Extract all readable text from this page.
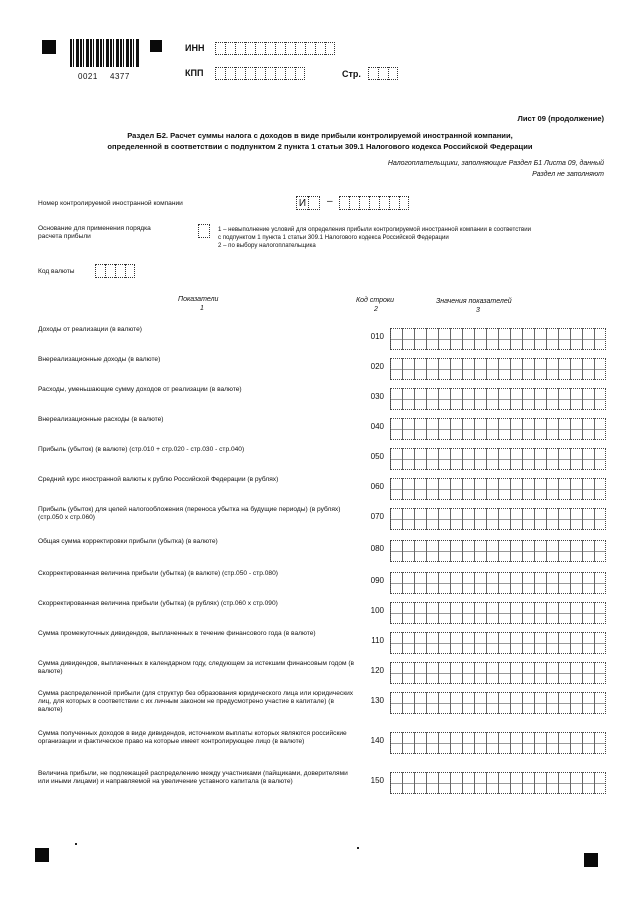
0021 4377
ИНН
КПП	Стр.
Лист 09 (продолжение)
Раздел Б2. Расчет суммы налога с доходов в виде прибыли контролируемой иностранной компании,
определенной в соответствии с подпунктом 2 пункта 1 статьи 309.1 Налогового кодекса Российской Федерации
Налогоплательщики, заполняющие Раздел Б1 Листа 09, данный
Раздел не заполняют
Номер контролируемой иностранной компании	И –
Основание для применения порядка
расчета прибыли
1 – невыполнение условий для определения прибыли контролируемой иностранной компании в соответствии
с подпунктом 1 пункта 1 статьи 309.1 Налогового кодекса Российской Федерации
2 – по выбору налогоплательщика
Код валюты
Показатели
1
Код строки
2
Значения показателей
3
Доходы от реализации (в валюте)
010
Внереализационные доходы (в валюте)
020
Расходы, уменьшающие сумму доходов от реализации (в валюте)
030
Внереализационные расходы (в валюте)
040
Прибыль (убыток) (в валюте) (стр.010 + стр.020 - стр.030 - стр.040)
050
Средний курс иностранной валюты к рублю Российской Федерации (в рублях)
060
Прибыль (убыток) для целей налогообложения (переноса убытка на будущие периоды) (в рублях) (стр.050 х стр.060)	070
Общая сумма корректировки прибыли (убытка) (в валюте)
080
Скорректированная величина прибыли (убытка) (в валюте) (стр.050 - стр.080)
090
Скорректированная величина прибыли (убытка) (в рублях) (стр.060 х стр.090)
100
Сумма промежуточных дивидендов, выплаченных в течение финансового года (в валюте)
110
Сумма дивидендов, выплаченных в календарном году, следующем за истекшим финансовым годом (в валюте)	120
Сумма распределенной прибыли (для структур без образования юридического лица или юридических лиц, для которых в соответствии с их личным законом не предусмотрено участие в капитале) (в валюте)
130
Сумма полученных доходов в виде дивидендов, источником выплаты которых являются российские организации и фактическое право на которые имеет контролирующее лицо (в валюте)	140
Величина прибыли, не подлежащей распределению между участниками (пайщиками, доверителями или иными лицами) и направляемой на увеличение уставного капитала (в валюте)	150
